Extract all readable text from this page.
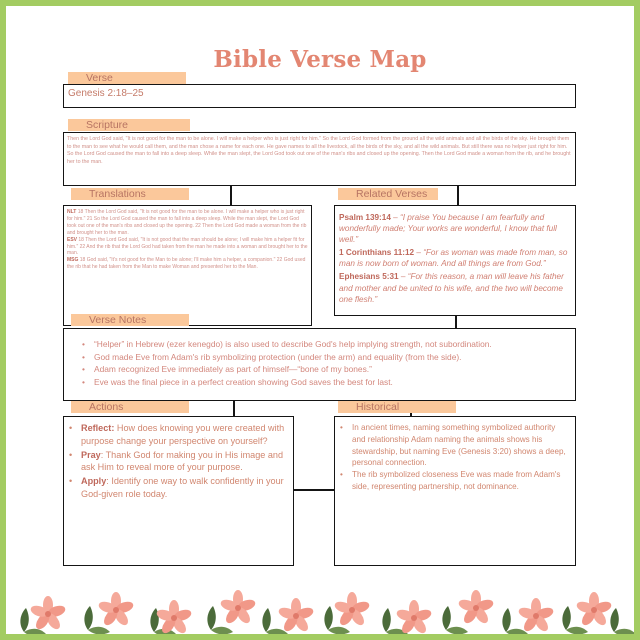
Bible Verse Map
Verse
Genesis 2:18–25
Scripture
Then the Lord God said, "It is not good for the man to be alone. I will make a helper who is just right for him." So the Lord God formed from the ground all the wild animals and all the birds of the sky. He brought them to the man to see what he would call them, and the man chose a name for each one. He gave names to all the livestock, all the birds of the sky, and all the wild animals. But still there was no helper just right for him. So the Lord God caused the man to fall into a deep sleep. While the man slept, the Lord God took out one of the man's ribs and closed up the opening. Then the Lord God made a woman from the rib, and he brought her to the man.
Translations

NLT 18 Then the Lord God said, "It is not good for the man to be alone. I will make a helper who is just right for him." 21 So the Lord God caused the man to fall into a deep sleep. While the man slept, the Lord God took out one of the man's ribs and closed up the opening. 22 Then the Lord God made a woman from the rib and brought her to the man.

ESV 18 Then the Lord God said, "It is not good that the man should be alone; I will make him a helper fit for him." 22 And the rib that the Lord God had taken from the man he made into a woman and brought her to the man.

MSG 18 God said, "It's not good for the Man to be alone; I'll make him a helper, a companion." 22 God used the rib that he had taken from the Man to make Woman and presented her to the Man.

Related Verses

Psalm 139:14 – “I praise You because I am fearfully and wonderfully made; Your works are wonderful, I know that full well.”

1 Corinthians 11:12 – “For as woman was made from man, so man is now born of woman. And all things are from God.”

Ephesians 5:31 – “For this reason, a man will leave his father and mother and be united to his wife, and the two will become one flesh.”

Verse Notes
• “Helper” in Hebrew (ezer kenegdo) is also used to describe God's help implying strength, not subordination.
• God made Eve from Adam's rib symbolizing protection (under the arm) and equality (from the side).
• Adam recognized Eve immediately as part of himself—“bone of my bones.”
• Eve was the final piece in a perfect creation showing God saves the best for last.
Actions
• Reflect: How does knowing you were created with purpose change your perspective on yourself?
• Pray: Thank God for making you in His image and ask Him to reveal more of your purpose.
• Apply: Identify one way to walk confidently in your God-given role today.
Historical
• In ancient times, naming something symbolized authority and relationship Adam naming the animals shows his stewardship, but naming Eve (Genesis 3:20) shows a deep, personal connection.
• The rib symbolized closeness Eve was made from Adam's side, representing partnership, not dominance.
